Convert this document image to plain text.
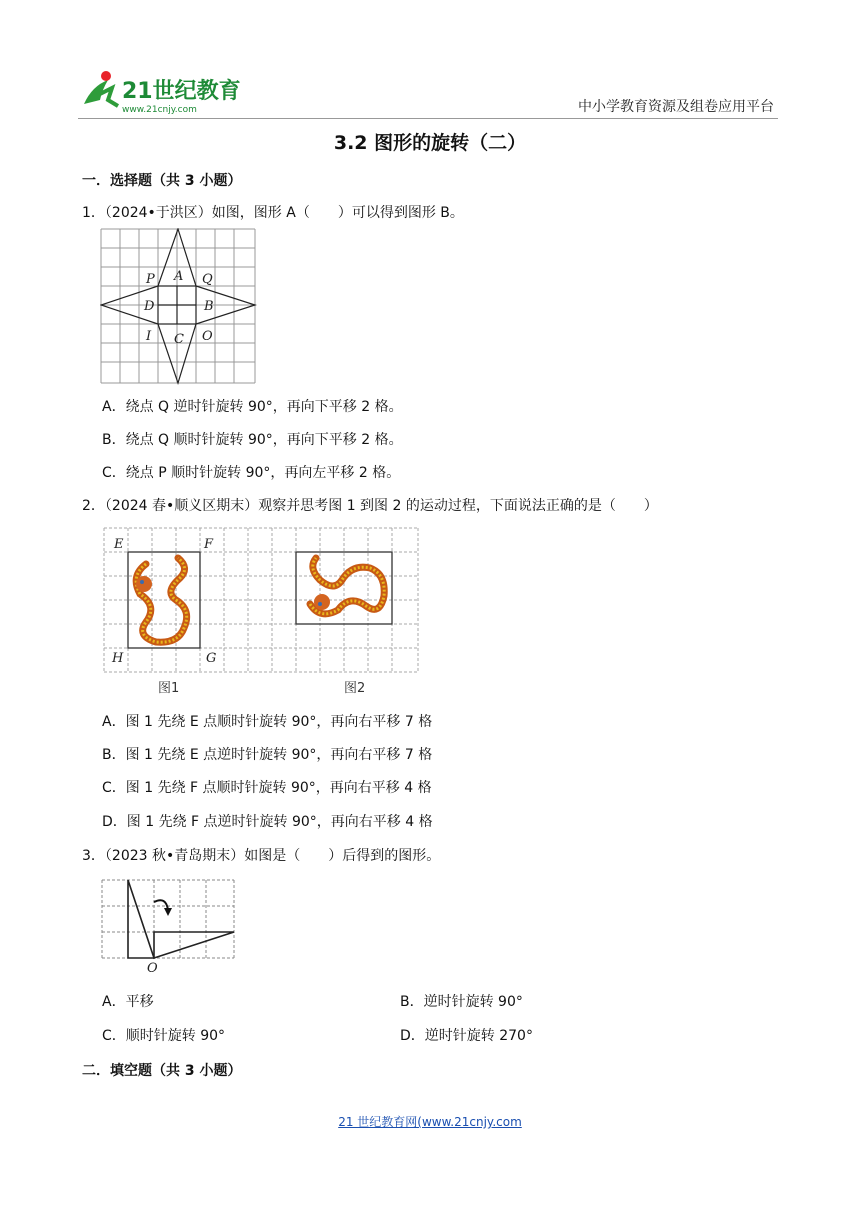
21世纪教育
www.21cnjy.com	中小学教育资源及组卷应用平台
3.2 图形的旋转（二）
一．选择题（共 3 小题）
1．（2024•于洪区）如图，图形 A（　　）可以得到图形 B。
P A Q
D	B
I C O
A．绕点 Q 逆时针旋转 90°，再向下平移 2 格。
B．绕点 Q 顺时针旋转 90°，再向下平移 2 格。
C．绕点 P 顺时针旋转 90°，再向左平移 2 格。
2．（2024 春•顺义区期末）观察并思考图 1 到图 2 的运动过程，下面说法正确的是（　　）
E	F
H	G
图1	图2
A．图 1 先绕 E 点顺时针旋转 90°，再向右平移 7 格
B．图 1 先绕 E 点逆时针旋转 90°，再向右平移 7 格
C．图 1 先绕 F 点顺时针旋转 90°，再向右平移 4 格
D．图 1 先绕 F 点逆时针旋转 90°，再向右平移 4 格
3．（2023 秋•青岛期末）如图是（　　）后得到的图形。
O
A．平移	B．逆时针旋转 90°
C．顺时针旋转 90°	D．逆时针旋转 270°
二．填空题（共 3 小题）
21 世纪教育网(www.21cnjy.com
